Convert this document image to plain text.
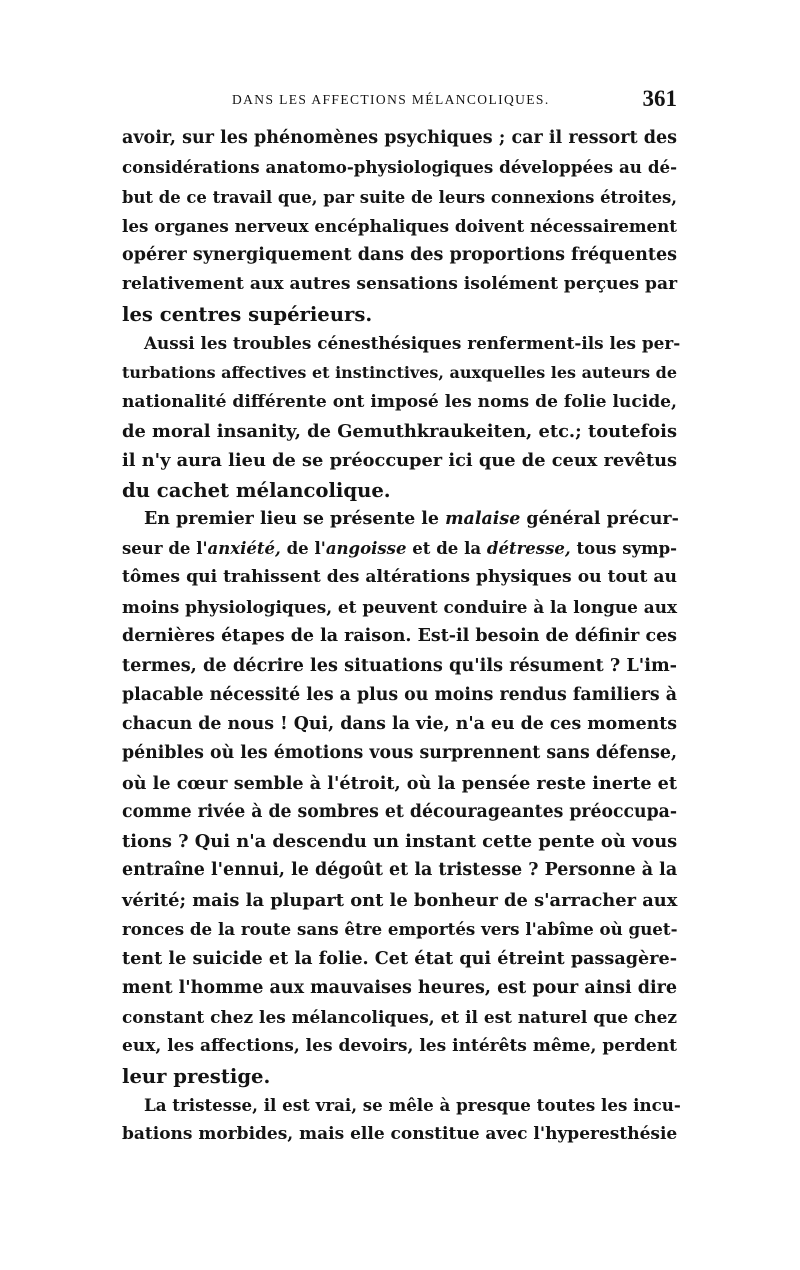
DANS LES AFFECTIONS MÉLANCOLIQUES.	361
avoir, sur les phénomènes psychiques ; car il ressort des
considérations anatomo-physiologiques développées au dé-
but de ce travail que, par suite de leurs connexions étroites,
les organes nerveux encéphaliques doivent nécessairement
opérer synergiquement dans des proportions fréquentes
relativement aux autres sensations isolément perçues par
les centres supérieurs.
Aussi les troubles cénesthésiques renferment-ils les per-
turbations affectives et instinctives, auxquelles les auteurs de
nationalité différente ont imposé les noms de folie lucide,
de moral insanity, de Gemuthkraukeiten, etc.; toutefois
il n'y aura lieu de se préoccuper ici que de ceux revêtus
du cachet mélancolique.
En premier lieu se présente le malaise général précur-
seur de l'anxiété, de l'angoisse et de la détresse, tous symp-
tômes qui trahissent des altérations physiques ou tout au
moins physiologiques, et peuvent conduire à la longue aux
dernières étapes de la raison. Est-il besoin de définir ces
termes, de décrire les situations qu'ils résument ? L'im-
placable nécessité les a plus ou moins rendus familiers à
chacun de nous ! Qui, dans la vie, n'a eu de ces moments
pénibles où les émotions vous surprennent sans défense,
où le cœur semble à l'étroit, où la pensée reste inerte et
comme rivée à de sombres et décourageantes préoccupa-
tions ? Qui n'a descendu un instant cette pente où vous
entraîne l'ennui, le dégoût et la tristesse ? Personne à la
vérité; mais la plupart ont le bonheur de s'arracher aux
ronces de la route sans être emportés vers l'abîme où guet-
tent le suicide et la folie. Cet état qui étreint passagère-
ment l'homme aux mauvaises heures, est pour ainsi dire
constant chez les mélancoliques, et il est naturel que chez
eux, les affections, les devoirs, les intérêts même, perdent
leur prestige.
La tristesse, il est vrai, se mêle à presque toutes les incu-
bations morbides, mais elle constitue avec l'hyperesthésie
